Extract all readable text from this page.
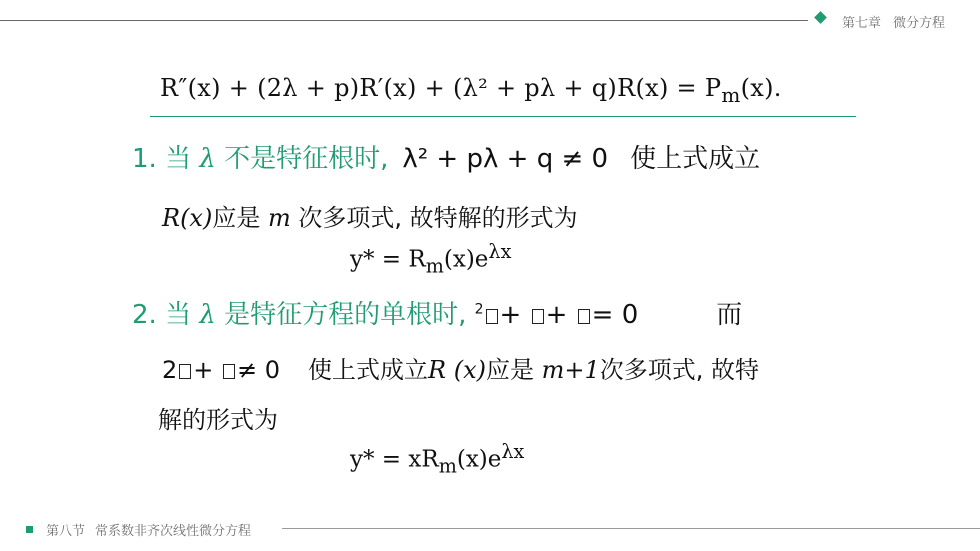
第七章 微分方程
$R''(x) + (2\lambda + p)R'(x) + (\lambda^2 + p\lambda + q)R(x) = P_m(x)$.
1. 当 λ 不是特征根时, λ² + pλ + q ≠ 0 使上式成立
R(x)应是 m 次多项式, 故特解的形式为
$y* = R_m(x)e^{\lambda x}$
2. 当 λ 是特征方程的单根时, $^2$ + + = 0	而
2 + ≠ 0 使上式成立R (x)应是 m+1次多项式, 故特
解的形式为
$y* = xR_m(x)e^{\lambda x}$
第八节 常系数非齐次线性微分方程
